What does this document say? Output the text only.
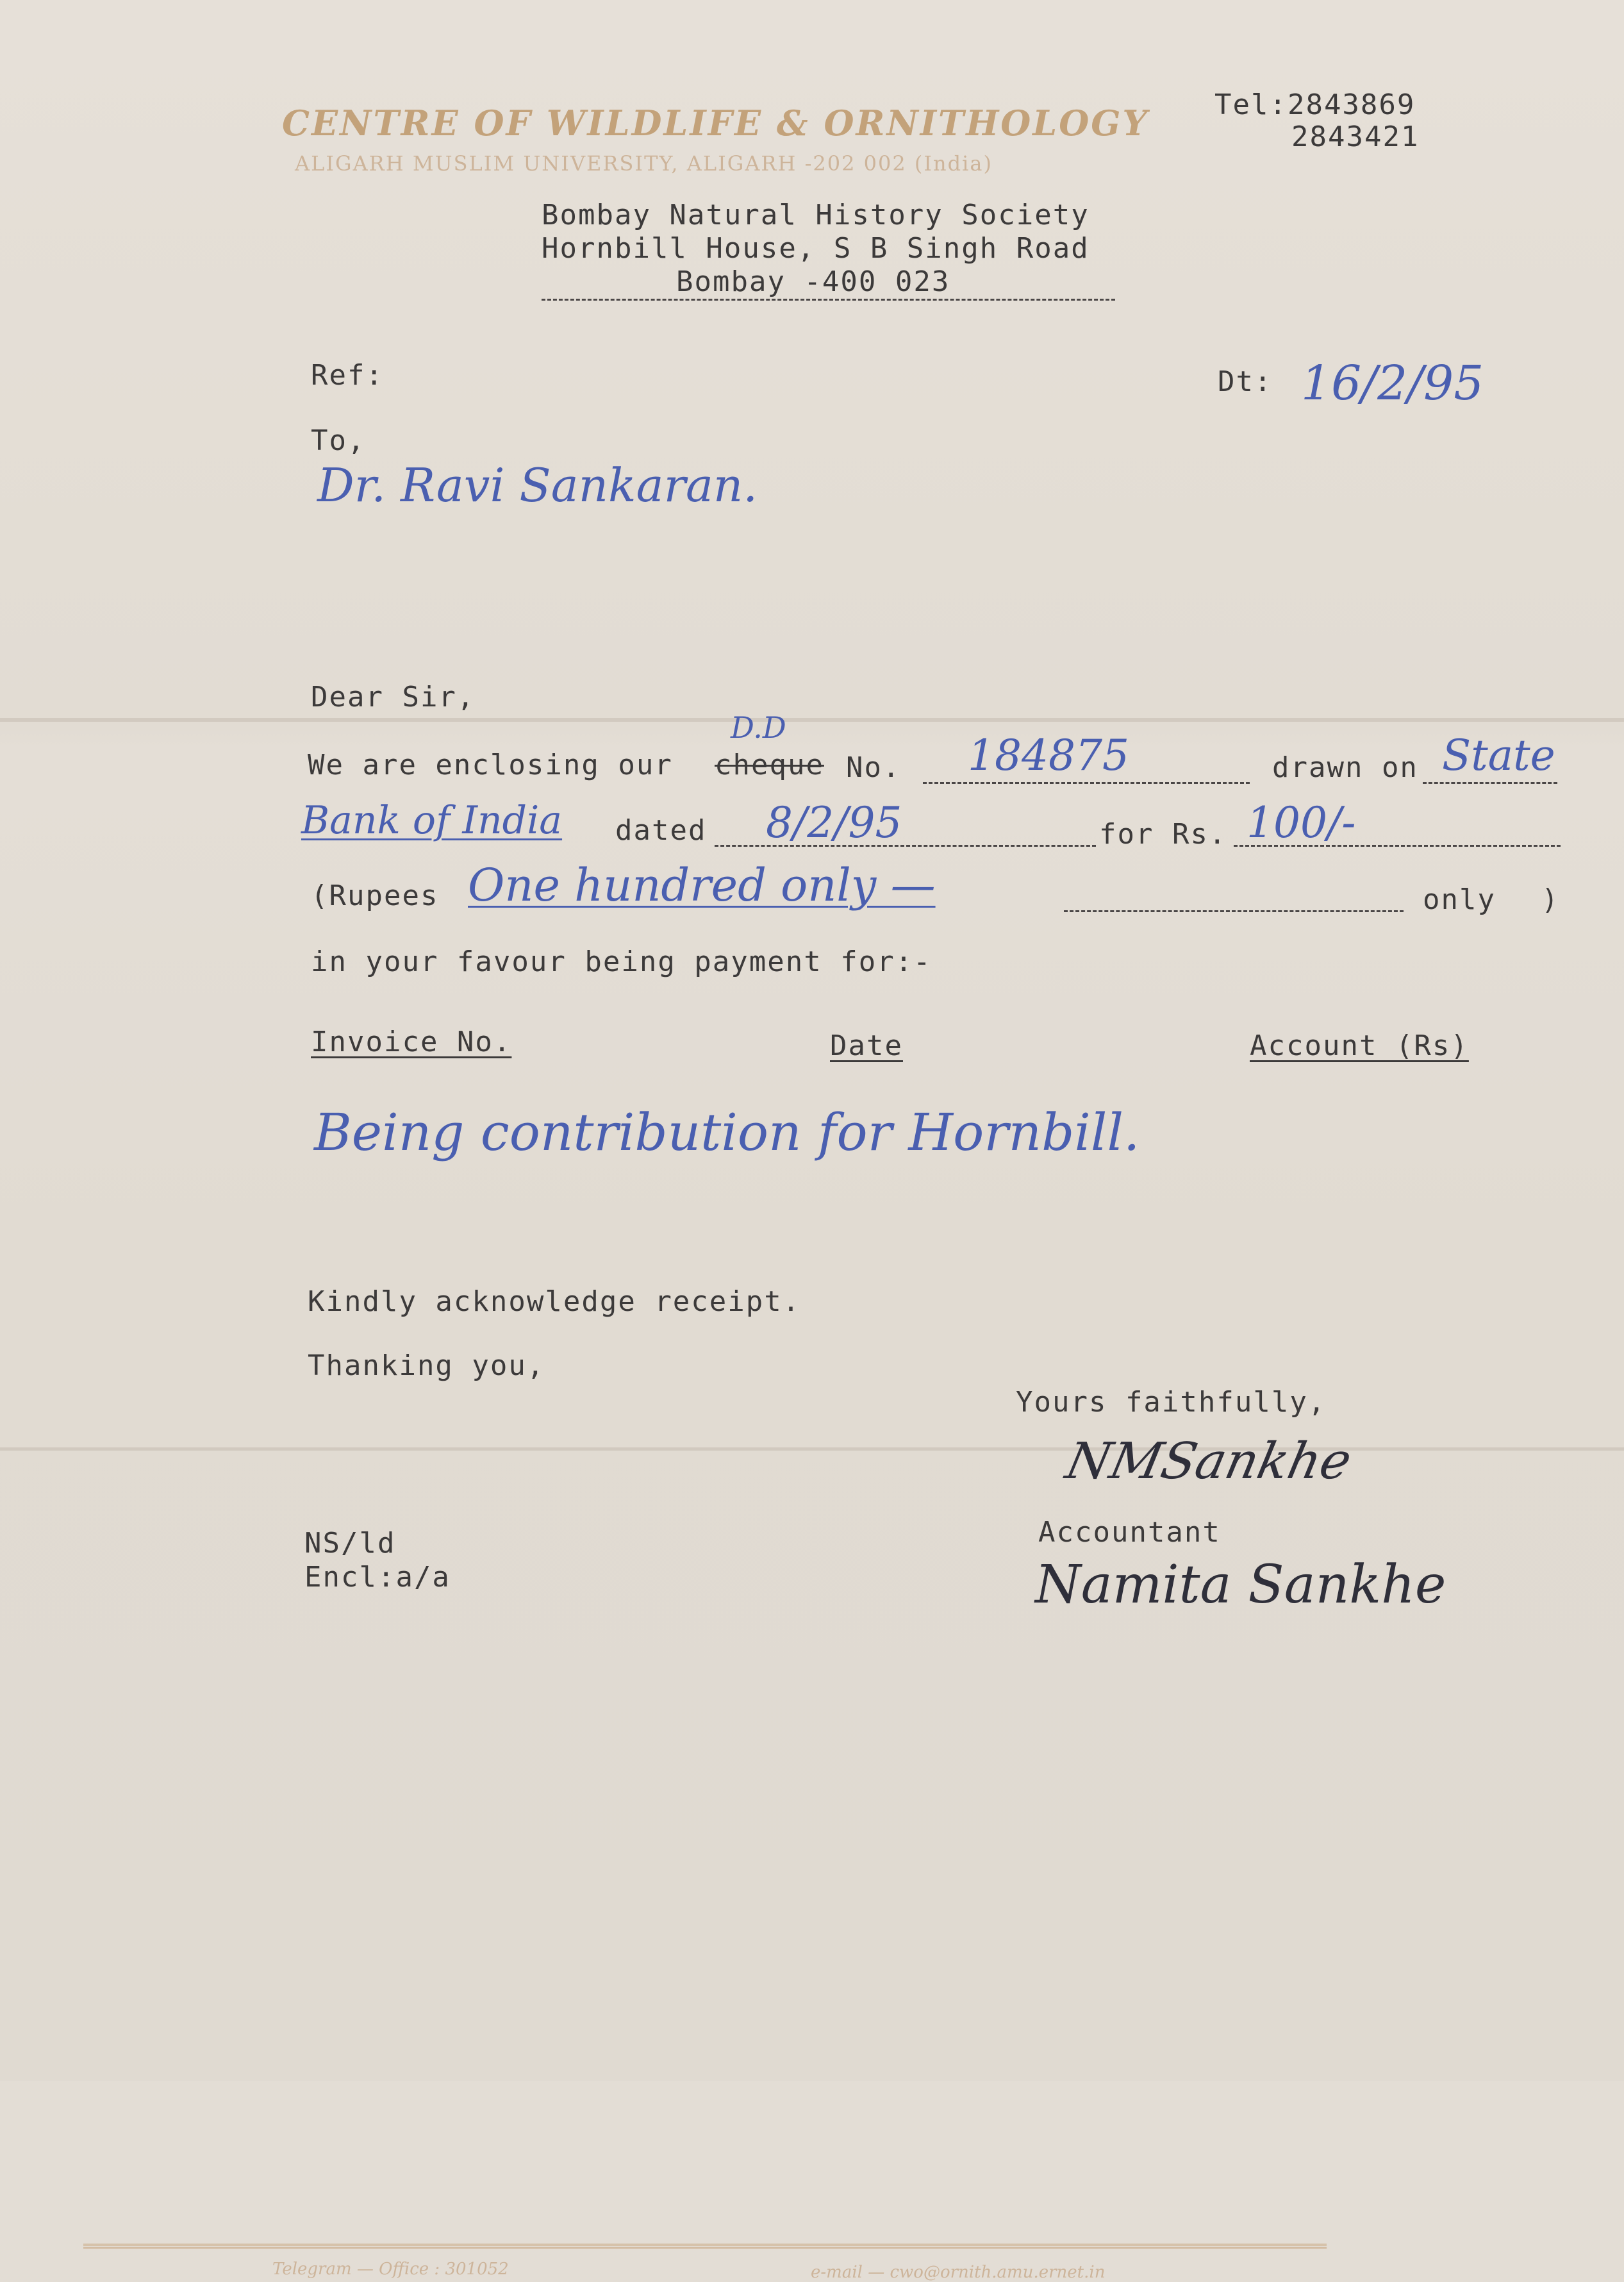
CENTRE OF WILDLIFE & ORNITHOLOGY
ALIGARH MUSLIM UNIVERSITY, ALIGARH -202 002 (India)
Tel:2843869
2843421
Bombay Natural History Society
Hornbill House, S B Singh Road
Bombay -400 023
Ref:	Dt: 16/2/95
To,
Dr. Ravi Sankaran.
Dear Sir,
We are enclosing our cheque
D.D
No. 184875	drawn on State
Bank of India dated 8/2/95	for Rs. 100/-
(Rupees One hundred only —	only )
in your favour being payment for:-
Invoice No.	Date	Account (Rs)
Being contribution for Hornbill.
Kindly acknowledge receipt.
Thanking you,
Yours faithfully,
NMSankhe
Accountant
Namita Sankhe
NS/ld
Encl:a/a
Telegram — Office : 301052	e-mail — cwo@ornith.amu.ernet.in
